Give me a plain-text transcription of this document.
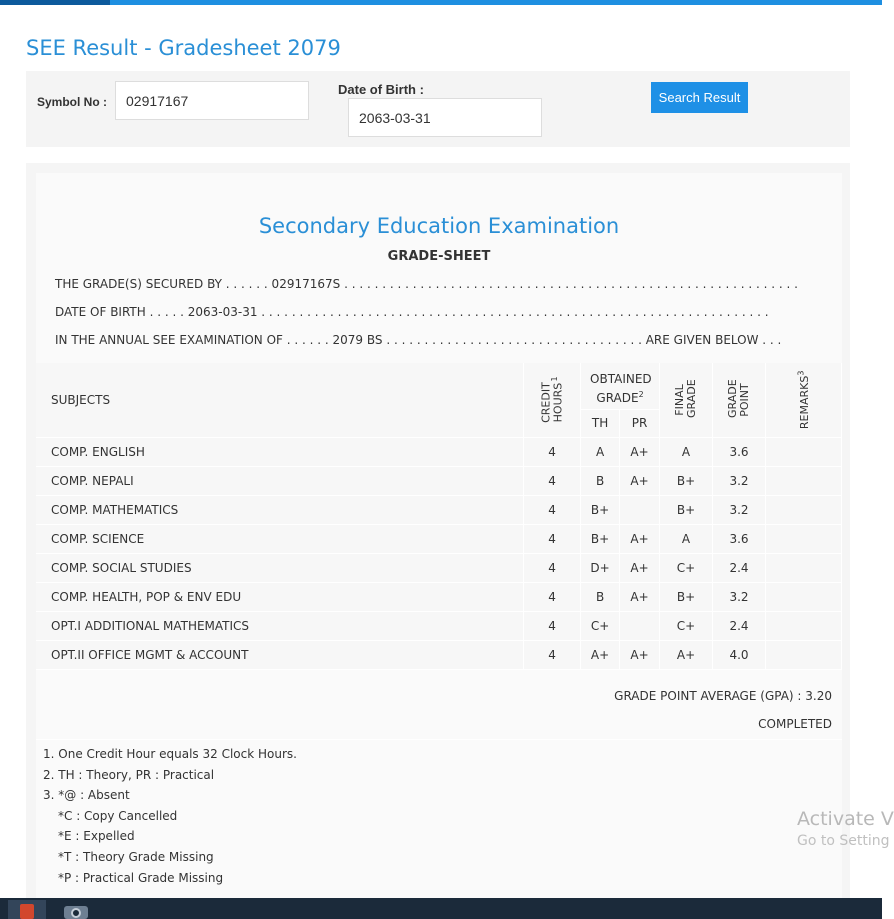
SEE Result - Gradesheet 2079
Symbol No :
02917167
Date of Birth :
2063-03-31
Search Result
Secondary Education Examination
GRADE-SHEET
THE GRADE(S) SECURED BY . . . . . . 02917167S . . . . . . . . . . . . . . . . . . . . . . . . . . . . . . . . . . . . . . . . . . . . . . . . . . . . . . . . . . . .
DATE OF BIRTH . . . . . 2063-03-31 . . . . . . . . . . . . . . . . . . . . . . . . . . . . . . . . . . . . . . . . . . . . . . . . . . . . . . . . . . . . . . . . . . .
IN THE ANNUAL SEE EXAMINATION OF . . . . . . 2079 BS . . . . . . . . . . . . . . . . . . . . . . . . . . . . . . . . . . ARE GIVEN BELOW . . .
SUBJECTS	CREDIT HOURS$^1$	OBTAINED GRADE$^2$		FINAL GRADE	GRADE POINT	REMARKS$^3$
		TH	PR			
COMP. ENGLISH	4	A	A+	A	3.6	
COMP. NEPALI	4	B	A+	B+	3.2	
COMP. MATHEMATICS	4	B+		B+	3.2	
COMP. SCIENCE	4	B+	A+	A	3.6	
COMP. SOCIAL STUDIES	4	D+	A+	C+	2.4	
COMP. HEALTH, POP & ENV EDU	4	B	A+	B+	3.2	
OPT.I ADDITIONAL MATHEMATICS	4	C+		C+	2.4	
OPT.II OFFICE MGMT & ACCOUNT	4	A+	A+	A+	4.0	
GRADE POINT AVERAGE (GPA) : 3.20
COMPLETED
1. One Credit Hour equals 32 Clock Hours.
2. TH : Theory, PR : Practical
3. *@ : Absent
*C : Copy Cancelled
*E : Expelled
*T : Theory Grade Missing
*P : Practical Grade Missing
Activate V
Go to Setting
